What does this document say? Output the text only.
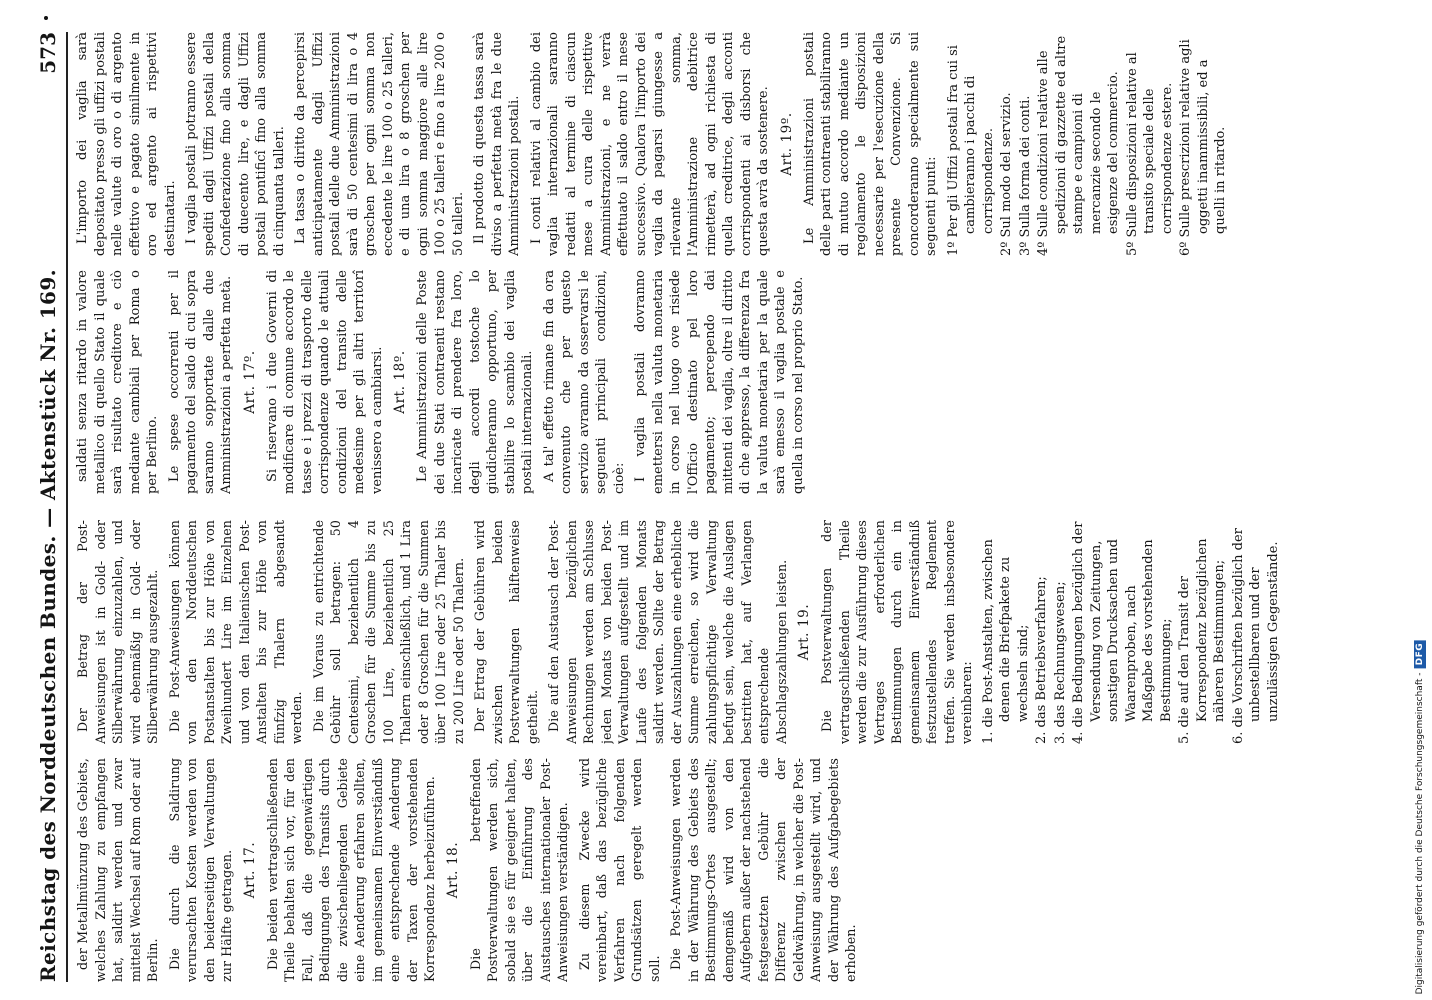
Reichstag des Norddeutschen Bundes. — Aktenstück Nr. 169.
573

der Metallmünzung des Gebiets, welches Zahlung zu empfangen hat, saldirt werden und zwar mittelst Wechsel auf Rom oder auf Berlin. Die durch die Saldirung verursachten Kosten werden von den beiderseitigen Verwaltungen zur Hälfte getragen. Art. 17. Die beiden vertragschließenden Theile behalten sich vor, für den Fall, daß die gegenwärtigen Bedingungen des Transits durch die zwischenliegenden Gebiete eine Aenderung erfahren sollten, im gemeinsamen Einverständniß eine entsprechende Aenderung der Taxen der vorstehenden Korrespondenz herbeizuführen. Art. 18. Die betreffenden Postverwaltungen werden sich, sobald sie es für geeignet halten, über die Einführung des Austausches internationaler Post-Anweisungen verständigen. Zu diesem Zwecke wird vereinbart, daß das bezügliche Verfahren nach folgenden Grundsätzen geregelt werden soll. Die Post-Anweisungen werden in der Währung des Gebiets des Bestimmungs-Ortes ausgestellt; demgemäß wird von den Aufgebern außer der nachstehend festgesetzten Gebühr die Differenz zwischen der Geldwährung, in welcher die Post-Anweisung ausgestellt wird, und der Währung des Aufgabegebiets erhoben.

Der Betrag der Post-Anweisungen ist in Gold- oder Silberwährung einzuzahlen, und wird ebenmäßig in Gold- oder Silberwährung ausgezahlt. Die Post-Anweisungen können von den Norddeutschen Postanstalten bis zur Höhe von Zweihundert Lire im Einzelnen und von den Italienischen Post-Anstalten bis zur Höhe von fünfzig Thalern abgesandt werden. Die im Voraus zu entrichtende Gebühr soll betragen: 50 Centesimi, beziehentlich 4 Groschen für die Summe bis zu 100 Lire, beziehentlich 25 Thalern einschließlich, und 1 Lira oder 8 Groschen für die Summen über 100 Lire oder 25 Thaler bis zu 200 Lire oder 50 Thalern. Der Ertrag der Gebühren wird zwischen beiden Postverwaltungen hälftenweise getheilt. Die auf den Austausch der Post-Anweisungen bezüglichen Rechnungen werden am Schlusse jeden Monats von beiden Post-Verwaltungen aufgestellt und im Laufe des folgenden Monats saldirt werden. Sollte der Betrag der Auszahlungen eine erhebliche Summe erreichen, so wird die zahlungspflichtige Verwaltung befugt sein, welche die Auslagen bestritten hat, auf Verlangen entsprechende Abschlagszahlungen leisten. Art. 19. Die Postverwaltungen der vertragschließenden Theile werden die zur Ausführung dieses Vertrages erforderlichen Bestimmungen durch ein in gemeinsamem Einverständniß festzustellendes Reglement treffen. Sie werden insbesondere vereinbaren: 1. die Post-Anstalten, zwischen denen die Briefpakete zu wechseln sind; 2. das Betriebsverfahren; 3. das Rechnungswesen; 4. die Bedingungen bezüglich der Versendung von Zeitungen, sonstigen Drucksachen und Waarenproben, nach Maßgabe des vorstehenden Bestimmungen; 5. die auf den Transit der Korrespondenz bezüglichen näheren Bestimmungen; 6. die Vorschriften bezüglich der unbestellbaren und der unzulässigen Gegenstände.

saldati senza ritardo in valore metallico di quello Stato il quale sarà risultato creditore e ciò mediante cambiali per Roma o per Berlino. Le spese occorrenti per il pagamento del saldo di cui sopra saranno sopportate dalle due Amministrazioni a perfetta metà. Art. 17º. Si riservano i due Governi di modificare di comune accordo le tasse e i prezzi di trasporto delle corrispondenze quando le attuali condizioni del transito delle medesime per gli altri territorî venissero a cambiarsi. Art. 18º. Le Amministrazioni delle Poste dei due Stati contraenti restano incaricate di prendere fra loro, degli accordi tostoche lo giudicheranno opportuno, per stabilire lo scambio dei vaglia postali internazionali. A tal' effetto rimane fin da ora convenuto che per questo servizio avranno da osservarsi le seguenti principali condizioni, cioè: I vaglia postali dovranno emettersi nella valuta monetaria in corso nel luogo ove risiede l'Officio destinato pel loro pagamento; percependo dai mittenti dei vaglia, oltre il diritto di che appresso, la differenza fra la valuta monetaria per la quale sarà emesso il vaglia postale e quella in corso nel proprio Stato.

L'importo dei vaglia sarà depositato presso gli uffizi postali nelle valute di oro o di argento effettivo e pagato similmente in oro ed argento ai rispettivi destinatari. I vaglia postali potranno essere spediti dagli Uffizi postali della Confederazione fino alla somma di duecento lire, e dagli Uffizi postali pontificî fino alla somma di cinquanta talleri. La tassa o diritto da percepirsi anticipatamente dagli Uffizi postali delle due Amministrazioni sarà di 50 centesimi di lira o 4 groschen per ogni somma non eccedente le lire 100 o 25 talleri, e di una lira o 8 groschen per ogni somma maggiore alle lire 100 o 25 talleri e fino a lire 200 o 50 talleri. Il prodotto di questa tassa sarà diviso a perfetta metà fra le due Amministrazioni postali. I conti relativi al cambio dei vaglia internazionali saranno redatti al termine di ciascun mese a cura delle rispettive Amministrazioni, e ne verrà effettuato il saldo entro il mese successivo. Qualora l'importo dei vaglia da pagarsi giungesse a rilevante somma, l'Amministrazione debitrice rimetterà, ad ogni richiesta di quella creditrice, degli acconti corrispondenti ai disborsi che questa avrà da sostenere. Art. 19º. Le Amministrazioni postali delle parti contraenti stabiliranno di mutuo accordo mediante un regolamento le disposizioni necessarie per l'esecuzione della presente Convenzione. Si concorderanno specialmente sui seguenti punti: 1º Per gli Uffizi postali fra cui si cambieranno i pacchi di corrispondenze. 2º Sul modo del servizio. 3º Sulla forma dei conti. 4º Sulle condizioni relative alle spedizioni di gazzette ed altre stampe e campioni di mercanzie secondo le esigenze del commercio. 5º Sulle disposizioni relative al transito speciale delle corrispondenze estere. 6º Sulle prescrizioni relative agli oggetti inammissibili, ed a quelli in ritardo.
Digitalisierung gefördert durch die Deutsche Forschungsgemeinschaft -
DFG
